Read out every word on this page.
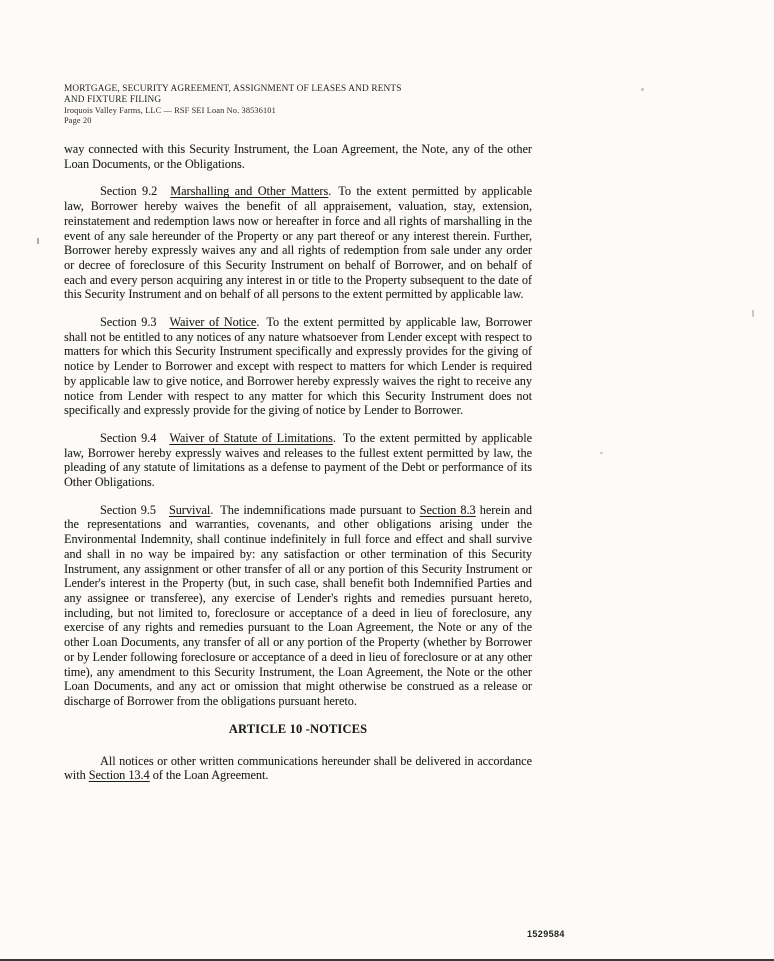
MORTGAGE, SECURITY AGREEMENT, ASSIGNMENT OF LEASES AND RENTS
AND FIXTURE FILING
Iroquois Valley Farms, LLC — RSF SEI Loan No. 38536101
Page 20

way connected with this Security Instrument, the Loan Agreement, the Note, any of the other Loan Documents, or the Obligations.

Section 9.2 Marshalling and Other Matters. To the extent permitted by applicable law, Borrower hereby waives the benefit of all appraisement, valuation, stay, extension, reinstatement and redemption laws now or hereafter in force and all rights of marshalling in the event of any sale hereunder of the Property or any part thereof or any interest therein. Further, Borrower hereby expressly waives any and all rights of redemption from sale under any order or decree of foreclosure of this Security Instrument on behalf of Borrower, and on behalf of each and every person acquiring any interest in or title to the Property subsequent to the date of this Security Instrument and on behalf of all persons to the extent permitted by applicable law.

Section 9.3 Waiver of Notice. To the extent permitted by applicable law, Borrower shall not be entitled to any notices of any nature whatsoever from Lender except with respect to matters for which this Security Instrument specifically and expressly provides for the giving of notice by Lender to Borrower and except with respect to matters for which Lender is required by applicable law to give notice, and Borrower hereby expressly waives the right to receive any notice from Lender with respect to any matter for which this Security Instrument does not specifically and expressly provide for the giving of notice by Lender to Borrower.

Section 9.4 Waiver of Statute of Limitations. To the extent permitted by applicable law, Borrower hereby expressly waives and releases to the fullest extent permitted by law, the pleading of any statute of limitations as a defense to payment of the Debt or performance of its Other Obligations.

Section 9.5 Survival. The indemnifications made pursuant to Section 8.3 herein and the representations and warranties, covenants, and other obligations arising under the Environmental Indemnity, shall continue indefinitely in full force and effect and shall survive and shall in no way be impaired by: any satisfaction or other termination of this Security Instrument, any assignment or other transfer of all or any portion of this Security Instrument or Lender's interest in the Property (but, in such case, shall benefit both Indemnified Parties and any assignee or transferee), any exercise of Lender's rights and remedies pursuant hereto, including, but not limited to, foreclosure or acceptance of a deed in lieu of foreclosure, any exercise of any rights and remedies pursuant to the Loan Agreement, the Note or any of the other Loan Documents, any transfer of all or any portion of the Property (whether by Borrower or by Lender following foreclosure or acceptance of a deed in lieu of foreclosure or at any other time), any amendment to this Security Instrument, the Loan Agreement, the Note or the other Loan Documents, and any act or omission that might otherwise be construed as a release or discharge of Borrower from the obligations pursuant hereto.

ARTICLE 10 -NOTICES

All notices or other written communications hereunder shall be delivered in accordance with Section 13.4 of the Loan Agreement.

1529584
